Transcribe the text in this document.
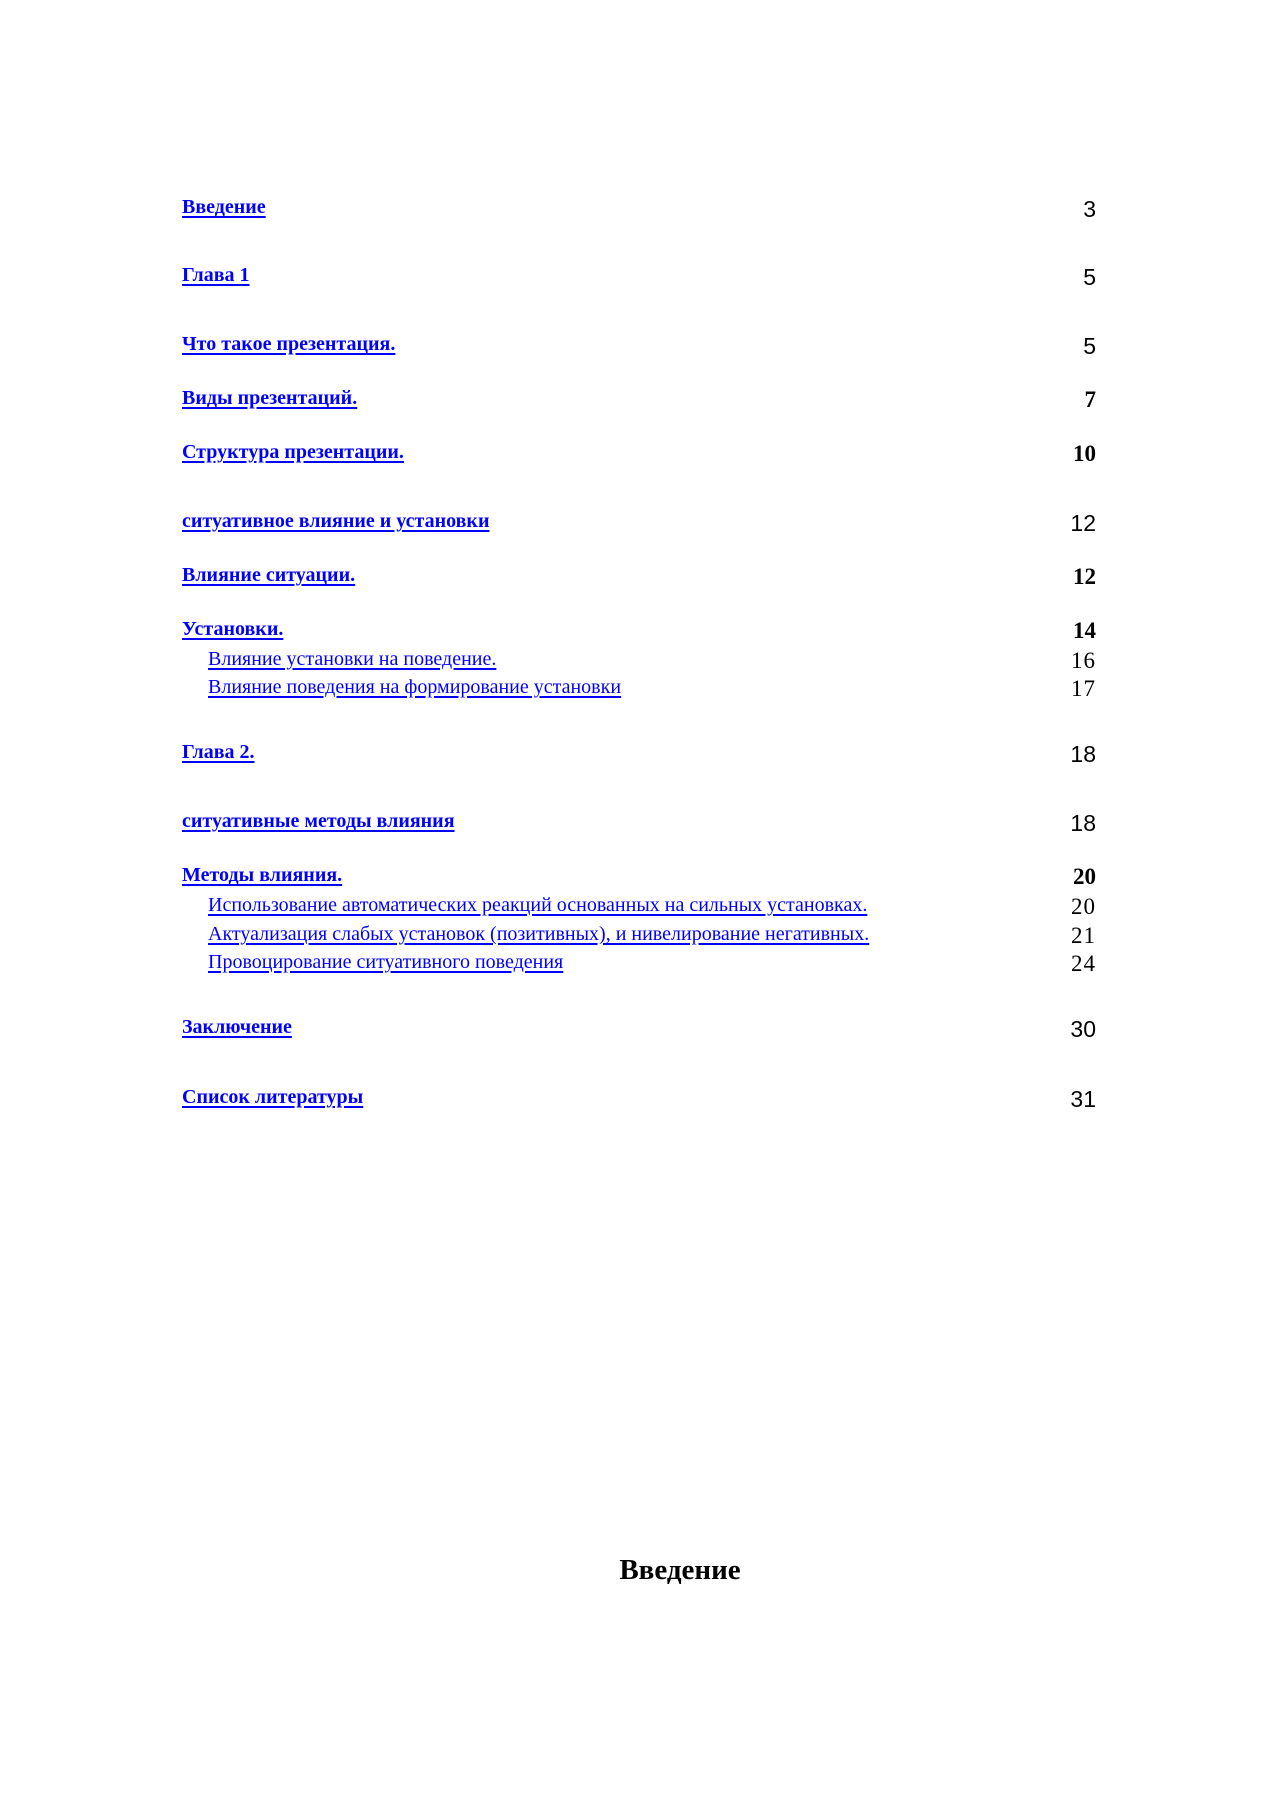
Введение	3
Глава 1	5
Что такое презентация.	5
Виды презентаций.	7
Структура презентации.	10
ситуативное влияние и установки	12
Влияние ситуации.	12
Установки.	14
Влияние установки на поведение.	16
Влияние поведения на формирование установки	17
Глава 2.	18
ситуативные методы влияния	18
Методы влияния.	20
Использование автоматических реакций основанных на сильных установках.	20
Актуализация слабых установок (позитивных), и нивелирование негативных.	21
Провоцирование ситуативного поведения	24
Заключение	30
Список литературы	31
Введение
